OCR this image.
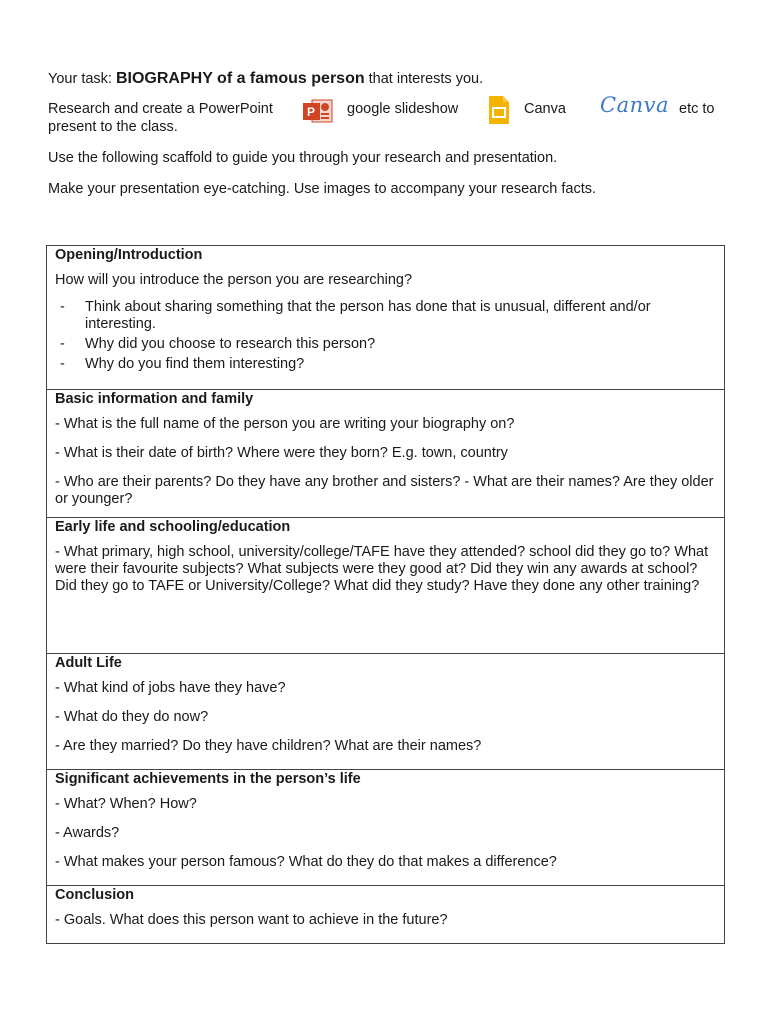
Your task: BIOGRAPHY of a famous person that interests you.

Research and create a PowerPoint	P google slideshow	Canva Canva etc to
present to the class.

Use the following scaffold to guide you through your research and presentation.

Make your presentation eye-catching. Use images to accompany your research facts.

Opening/Introduction
How will you introduce the person you are researching?
- Think about sharing something that the person has done that is unusual, different and/or interesting.
- Why did you choose to research this person?
- Why do you find them interesting?

Basic information and family
- What is the full name of the person you are writing your biography on?
- What is their date of birth? Where were they born? E.g. town, country
- Who are their parents? Do they have any brother and sisters? - What are their names? Are they older or younger?

Early life and schooling/education
- What primary, high school, university/college/TAFE have they attended? school did they go to? What were their favourite subjects? What subjects were they good at? Did they win any awards at school? Did they go to TAFE or University/College? What did they study? Have they done any other training?

Adult Life
- What kind of jobs have they have?
- What do they do now?
- Are they married? Do they have children? What are their names?

Significant achievements in the person’s life
- What? When? How?
- Awards?
- What makes your person famous? What do they do that makes a difference?

Conclusion
- Goals. What does this person want to achieve in the future?
